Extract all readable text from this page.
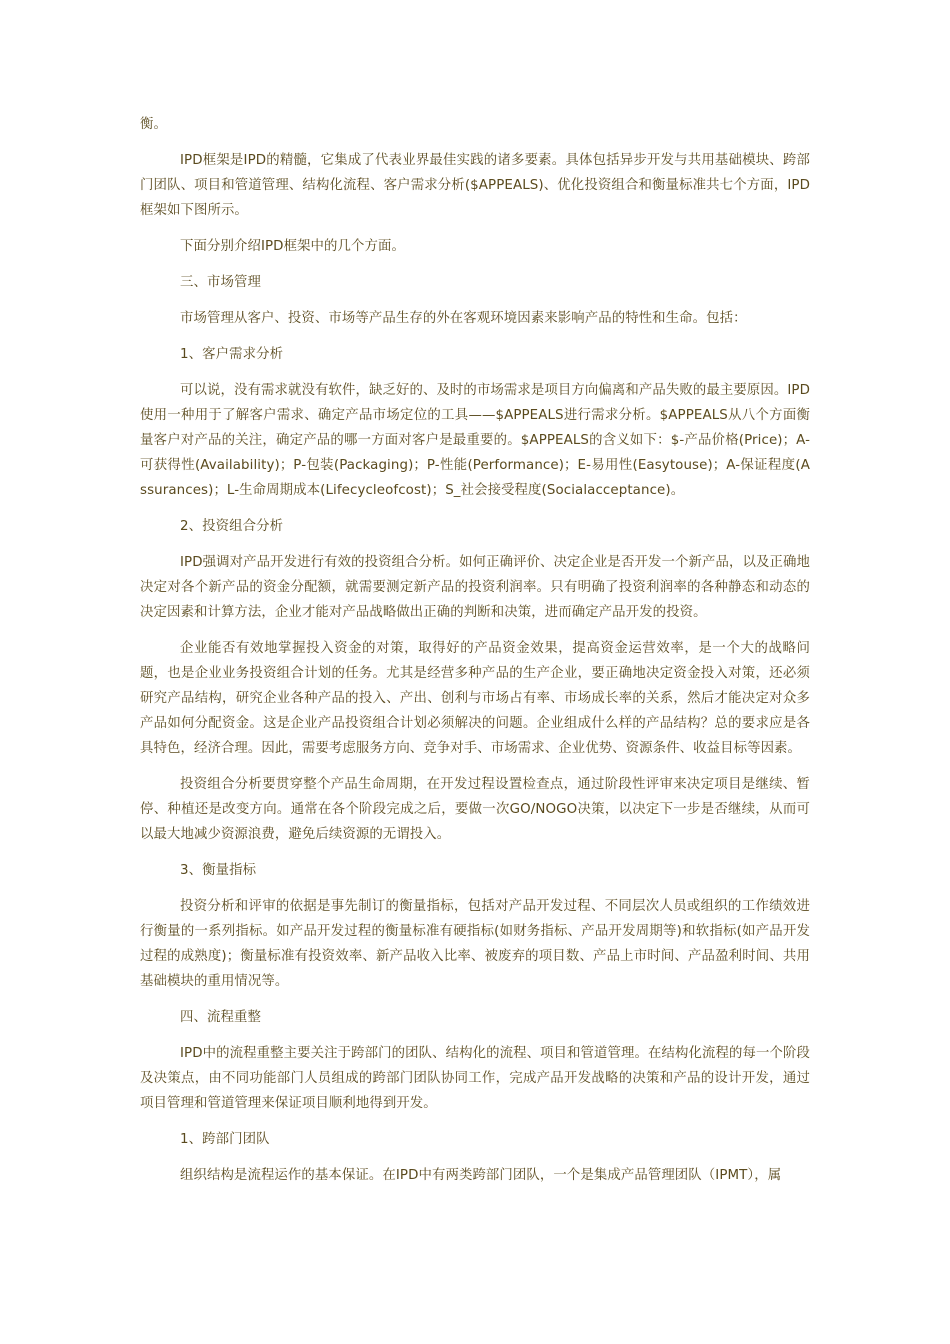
衡。

IPD框架是IPD的精髓，它集成了代表业界最佳实践的诸多要素。具体包括异步开发与共用基础模块、跨部门团队、项目和管道管理、结构化流程、客户需求分析($APPEALS)、优化投资组合和衡量标准共七个方面，IPD框架如下图所示。

下面分别介绍IPD框架中的几个方面。

三、市场管理

市场管理从客户、投资、市场等产品生存的外在客观环境因素来影响产品的特性和生命。包括：

1、客户需求分析

可以说，没有需求就没有软件，缺乏好的、及时的市场需求是项目方向偏离和产品失败的最主要原因。IPD使用一种用于了解客户需求、确定产品市场定位的工具——$APPEALS进行需求分析。$APPEALS从八个方面衡量客户对产品的关注，确定产品的哪一方面对客户是最重要的。$APPEALS的含义如下：$-产品价格(Price)；A-可获得性(Availability)；P-包装(Packaging)；P-性能(Performance)；E-易用性(Easytouse)；A-保证程度(Assurances)；L-生命周期成本(Lifecycleofcost)；S_社会接受程度(Socialacceptance)。

2、投资组合分析

IPD强调对产品开发进行有效的投资组合分析。如何正确评价、决定企业是否开发一个新产品，以及正确地决定对各个新产品的资金分配额，就需要测定新产品的投资利润率。只有明确了投资利润率的各种静态和动态的决定因素和计算方法，企业才能对产品战略做出正确的判断和决策，进而确定产品开发的投资。

企业能否有效地掌握投入资金的对策，取得好的产品资金效果，提高资金运营效率，是一个大的战略问题，也是企业业务投资组合计划的任务。尤其是经营多种产品的生产企业，要正确地决定资金投入对策，还必须研究产品结构，研究企业各种产品的投入、产出、创利与市场占有率、市场成长率的关系，然后才能决定对众多产品如何分配资金。这是企业产品投资组合计划必须解决的问题。企业组成什么样的产品结构？总的要求应是各具特色，经济合理。因此，需要考虑服务方向、竞争对手、市场需求、企业优势、资源条件、收益目标等因素。

投资组合分析要贯穿整个产品生命周期，在开发过程设置检查点，通过阶段性评审来决定项目是继续、暂停、种植还是改变方向。通常在各个阶段完成之后，要做一次GO/NOGO决策，以决定下一步是否继续，从而可以最大地减少资源浪费，避免后续资源的无谓投入。

3、衡量指标

投资分析和评审的依据是事先制订的衡量指标，包括对产品开发过程、不同层次人员或组织的工作绩效进行衡量的一系列指标。如产品开发过程的衡量标准有硬指标(如财务指标、产品开发周期等)和软指标(如产品开发过程的成熟度)；衡量标准有投资效率、新产品收入比率、被废弃的项目数、产品上市时间、产品盈利时间、共用基础模块的重用情况等。

四、流程重整

IPD中的流程重整主要关注于跨部门的团队、结构化的流程、项目和管道管理。在结构化流程的每一个阶段及决策点，由不同功能部门人员组成的跨部门团队协同工作，完成产品开发战略的决策和产品的设计开发，通过项目管理和管道管理来保证项目顺利地得到开发。

1、跨部门团队

组织结构是流程运作的基本保证。在IPD中有两类跨部门团队，一个是集成产品管理团队（IPMT），属
